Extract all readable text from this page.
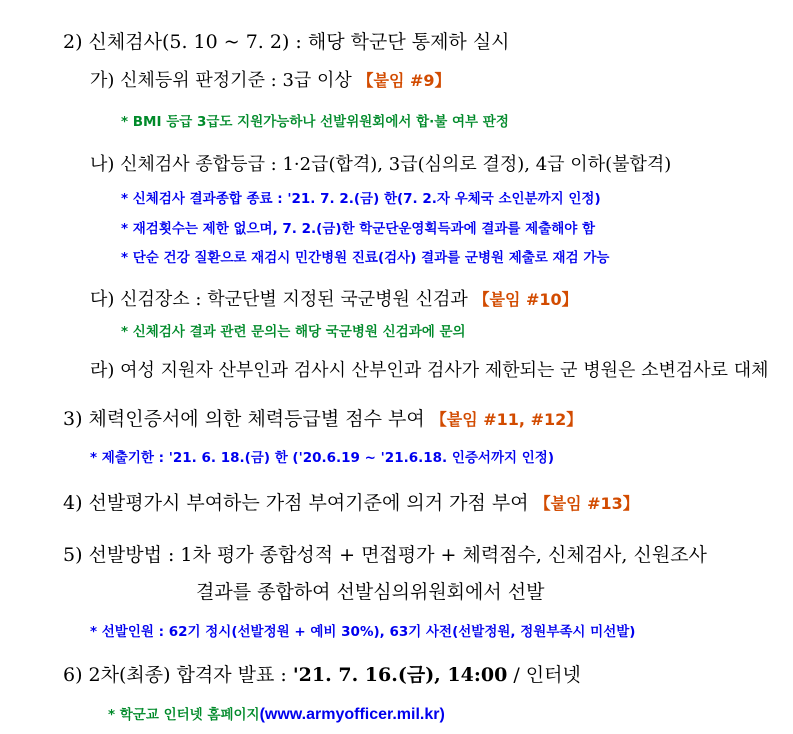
2) 신체검사(5. 10 ~ 7. 2) : 해당 학군단 통제하 실시
가) 신체등위 판정기준 : 3급 이상 【붙임 #9】
* BMI 등급 3급도 지원가능하나 선발위원회에서 합·불 여부 판정
나) 신체검사 종합등급 : 1·2급(합격), 3급(심의로 결정), 4급 이하(불합격)
* 신체검사 결과종합 종료 : '21. 7. 2.(금) 한(7. 2.자 우체국 소인분까지 인정)
* 재검횟수는 제한 없으며, 7. 2.(금)한 학군단운영획득과에 결과를 제출해야 함
* 단순 건강 질환으로 재검시 민간병원 진료(검사) 결과를 군병원 제출로 재검 가능
다) 신검장소 : 학군단별 지정된 국군병원 신검과 【붙임 #10】
* 신체검사 결과 관련 문의는 해당 국군병원 신검과에 문의
라) 여성 지원자 산부인과 검사시 산부인과 검사가 제한되는 군 병원은 소변검사로 대체
3) 체력인증서에 의한 체력등급별 점수 부여 【붙임 #11, #12】
* 제출기한 : '21. 6. 18.(금) 한 ('20.6.19 ~ '21.6.18. 인증서까지 인정)
4) 선발평가시 부여하는 가점 부여기준에 의거 가점 부여 【붙임 #13】
5) 선발방법 : 1차 평가 종합성적 + 면접평가 + 체력점수, 신체검사, 신원조사
결과를 종합하여 선발심의위원회에서 선발
* 선발인원 : 62기 정시(선발정원 + 예비 30%), 63기 사전(선발정원, 정원부족시 미선발)
6) 2차(최종) 합격자 발표 : '21. 7. 16.(금), 14:00 / 인터넷
* 학군교 인터넷 홈페이지(www.armyofficer.mil.kr)
